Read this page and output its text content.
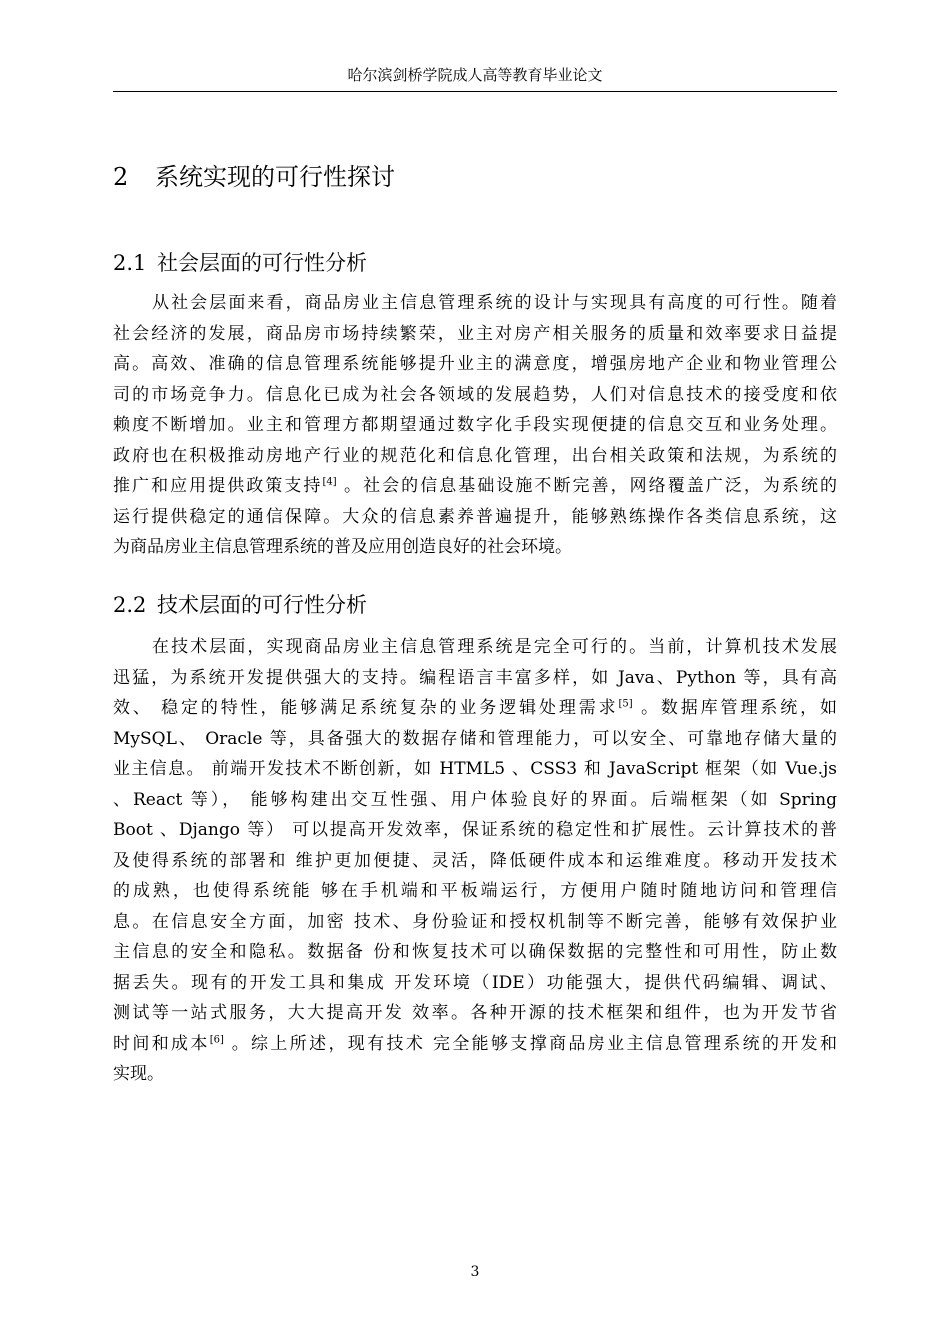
哈尔滨剑桥学院成人高等教育毕业论文
2 系统实现的可行性探讨
2.1 社会层面的可行性分析
从社会层面来看，商品房业主信息管理系统的设计与实现具有高度的可行性。随着
社会经济的发展，商品房市场持续繁荣，业主对房产相关服务的质量和效率要求日益提
高。高效、准确的信息管理系统能够提升业主的满意度，增强房地产企业和物业管理公
司的市场竞争力。信息化已成为社会各领域的发展趋势，人们对信息技术的接受度和依
赖度不断增加。业主和管理方都期望通过数字化手段实现便捷的信息交互和业务处理。
政府也在积极推动房地产行业的规范化和信息化管理，出台相关政策和法规，为系统的
推广和应用提供政策支持[4] 。社会的信息基础设施不断完善，网络覆盖广泛，为系统的
运行提供稳定的通信保障。大众的信息素养普遍提升，能够熟练操作各类信息系统，这
为商品房业主信息管理系统的普及应用创造良好的社会环境。
2.2 技术层面的可行性分析
在技术层面，实现商品房业主信息管理系统是完全可行的。当前，计算机技术发展
迅猛，为系统开发提供强大的支持。编程语言丰富多样，如 Java、Python 等，具有高
效、 稳定的特性，能够满足系统复杂的业务逻辑处理需求[5] 。数据库管理系统，如
MySQL、 Oracle 等，具备强大的数据存储和管理能力，可以安全、可靠地存储大量的
业主信息。 前端开发技术不断创新，如 HTML5 、CSS3 和 JavaScript 框架（如 Vue.js
、React 等）， 能够构建出交互性强、用户体验良好的界面。后端框架（如 Spring
Boot 、Django 等） 可以提高开发效率，保证系统的稳定性和扩展性。云计算技术的普
及使得系统的部署和 维护更加便捷、灵活，降低硬件成本和运维难度。移动开发技术
的成熟，也使得系统能 够在手机端和平板端运行，方便用户随时随地访问和管理信
息。在信息安全方面，加密 技术、身份验证和授权机制等不断完善，能够有效保护业
主信息的安全和隐私。数据备 份和恢复技术可以确保数据的完整性和可用性，防止数
据丢失。现有的开发工具和集成 开发环境（IDE）功能强大，提供代码编辑、调试、
测试等一站式服务，大大提高开发 效率。各种开源的技术框架和组件，也为开发节省
时间和成本[6] 。综上所述，现有技术 完全能够支撑商品房业主信息管理系统的开发和
实现。
3
